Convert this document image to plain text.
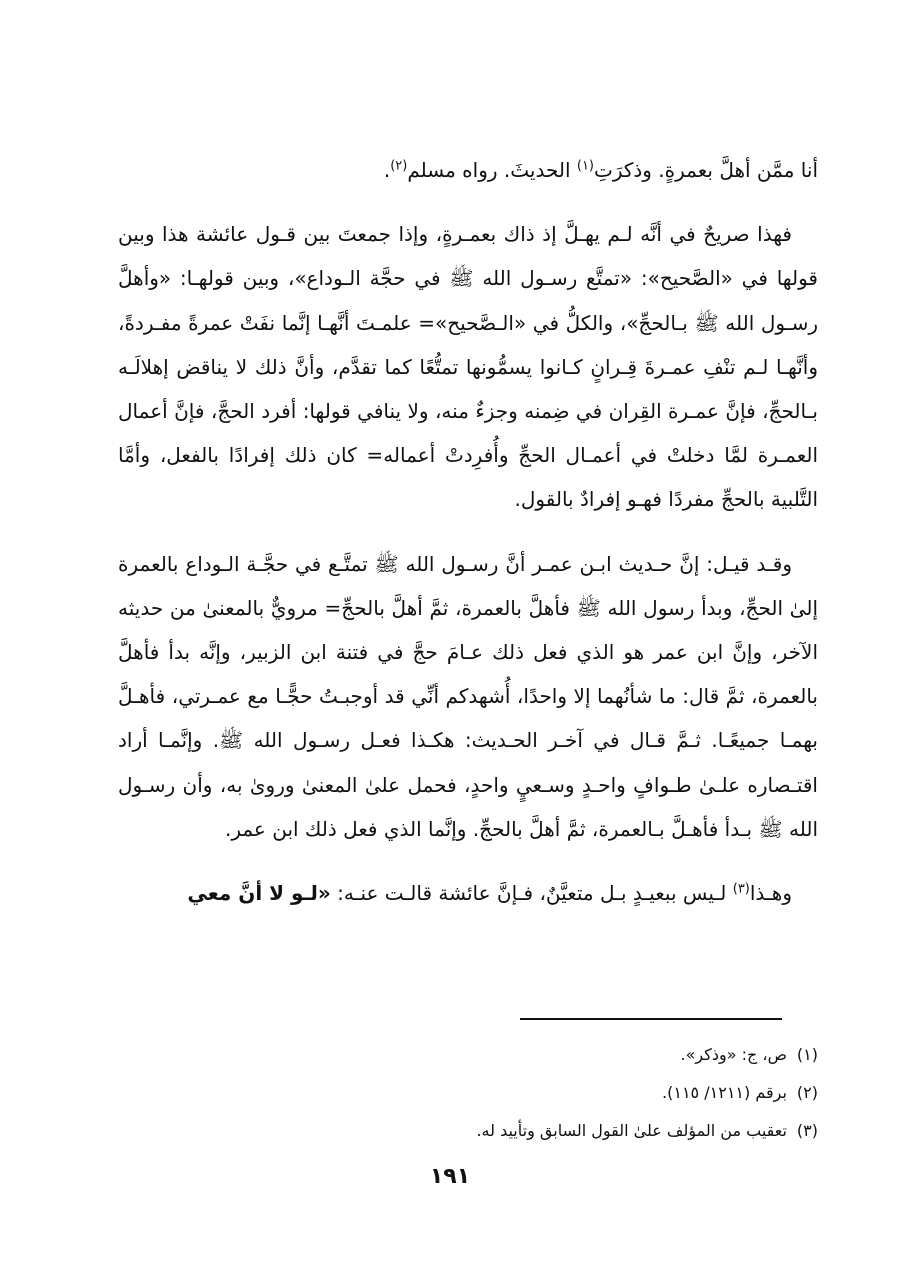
أنا ممَّن أهلَّ بعمرةٍ. وذكرَتِ$^{(١)}$ الحديثَ. رواه مسلم$^{(٢)}$.

فهذا صريحٌ في أنَّه لـم يهـلَّ إذ ذاك بعمـرةٍ، وإذا جمعتَ بين قـول عائشة هذا وبين قولها في «الصَّحيح»: «تمتَّع رسـول الله ﷺ في حجَّة الـوداع»، وبين قولهـا: «وأهلَّ رسـول الله ﷺ بـالحجِّ»، والكلُّ في «الـصَّحيح»= علمـتَ أنَّهـا إنَّما نفَتْ عمرةً مفـردةً، وأنَّهـا لـم تنْفِ عمـرةَ قِـرانٍ كـانوا يسمُّونها تمتُّعًا كما تقدَّم، وأنَّ ذلك لا يناقض إهلالَـه بـالحجِّ، فإنَّ عمـرة القِران في ضِمنه وجزءٌ منه، ولا ينافي قولها: أفرد الحجَّ، فإنَّ أعمال العمـرة لمَّا دخلتْ في أعمـال الحجِّ وأُفرِدتْ أعماله= كان ذلك إفرادًا بالفعل، وأمَّا التَّلبية بالحجِّ مفردًا فهـو إفرادٌ بالقول.

وقـد قيـل: إنَّ حـديث ابـن عمـر أنَّ رسـول الله ﷺ تمتَّـع في حجَّـة الـوداع بالعمرة إلىٰ الحجِّ، وبدأ رسول الله ﷺ فأهلَّ بالعمرة، ثمَّ أهلَّ بالحجِّ= مرويٌّ بالمعنىٰ من حديثه الآخر، وإنَّ ابن عمر هو الذي فعل ذلك عـامَ حجَّ في فتنة ابن الزبير، وإنَّه بدأ فأهلَّ بالعمرة، ثمَّ قال: ما شأنُهما إلا واحدًا، أُشهدكم أنِّي قد أوجبـتُ حجًّـا مع عمـرتي، فأهـلَّ بهمـا جميعًـا. ثـمَّ قـال في آخـر الحـديث: هكـذا فعـل رسـول الله ﷺ. وإنَّمـا أراد اقتـصاره علـىٰ طـوافٍ واحـدٍ وسـعيٍ واحدٍ، فحمل علىٰ المعنىٰ ورویٰ به، وأن رسـول الله ﷺ بـدأ فأهـلَّ بـالعمرة، ثمَّ أهلَّ بالحجِّ. وإنَّما الذي فعل ذلك ابن عمر.

وهـذا$^{(٣)}$ لـيس ببعيـدٍ بـل متعيَّنٌ، فـإنَّ عائشة قالـت عنـه: «لـو لا أنَّ معي

(١)ص، ج: «وذكر».

(٢)برقم (١٢١١/ ١١٥).

(٣)تعقيب من المؤلف علىٰ القول السابق وتأييد له.

١٩١
